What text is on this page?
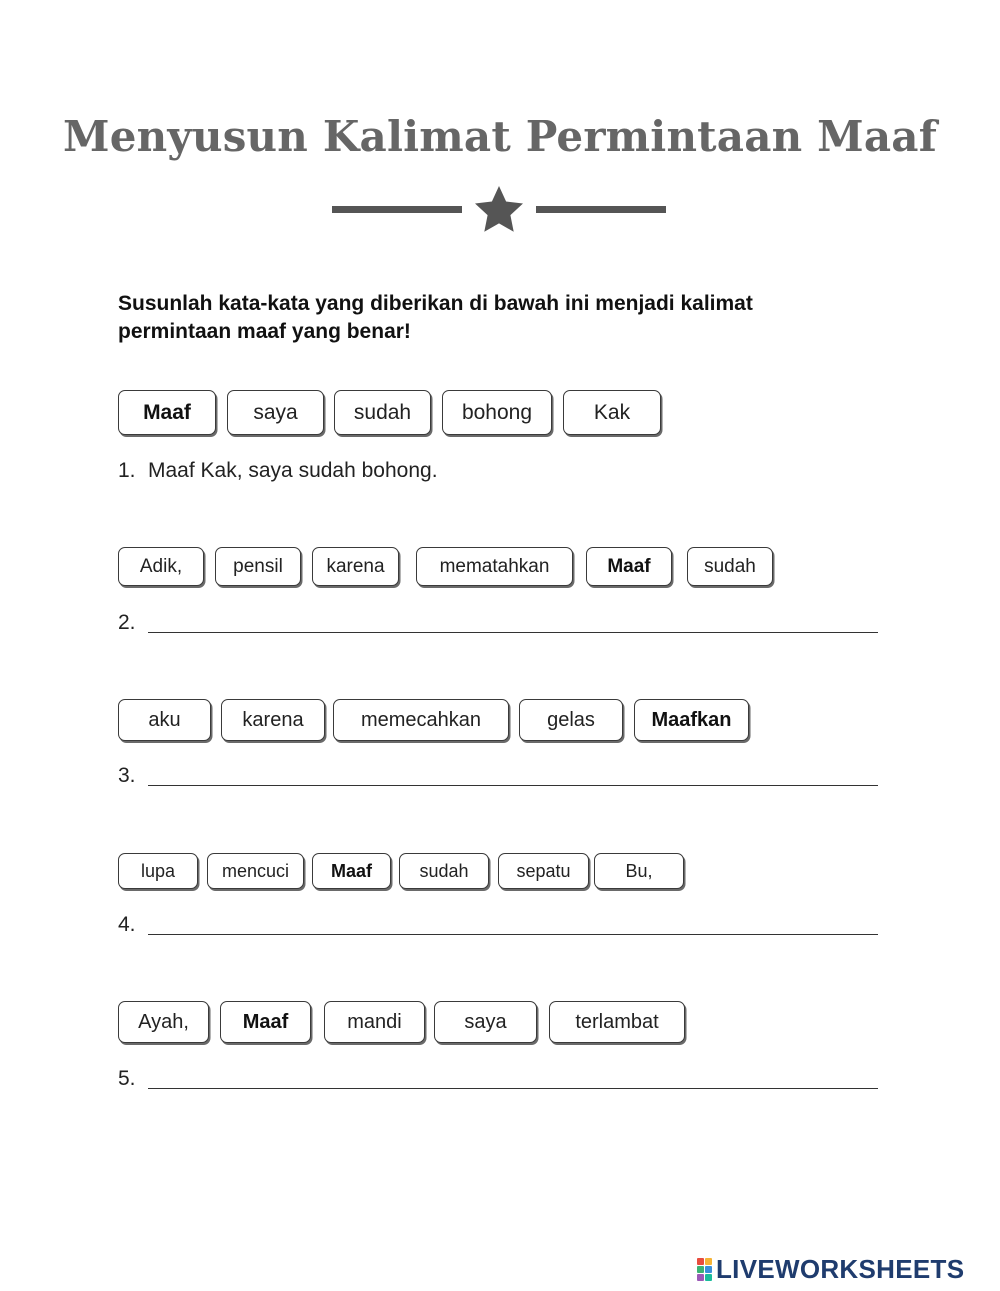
Menyusun Kalimat Permintaan Maaf
Susunlah kata-kata yang diberikan di bawah ini menjadi kalimat permintaan maaf yang benar!
Maaf	saya	sudah	bohong	Kak
1. Maaf Kak, saya sudah bohong.
Adik,	pensil	karena	mematahkan	Maaf	sudah
2.
aku	karena	memecahkan	gelas	Maafkan
3.
lupa	mencuci	Maaf	sudah	sepatu	Bu,
4.
Ayah,	Maaf	mandi	saya	terlambat
5.
LIVEWORKSHEETS
